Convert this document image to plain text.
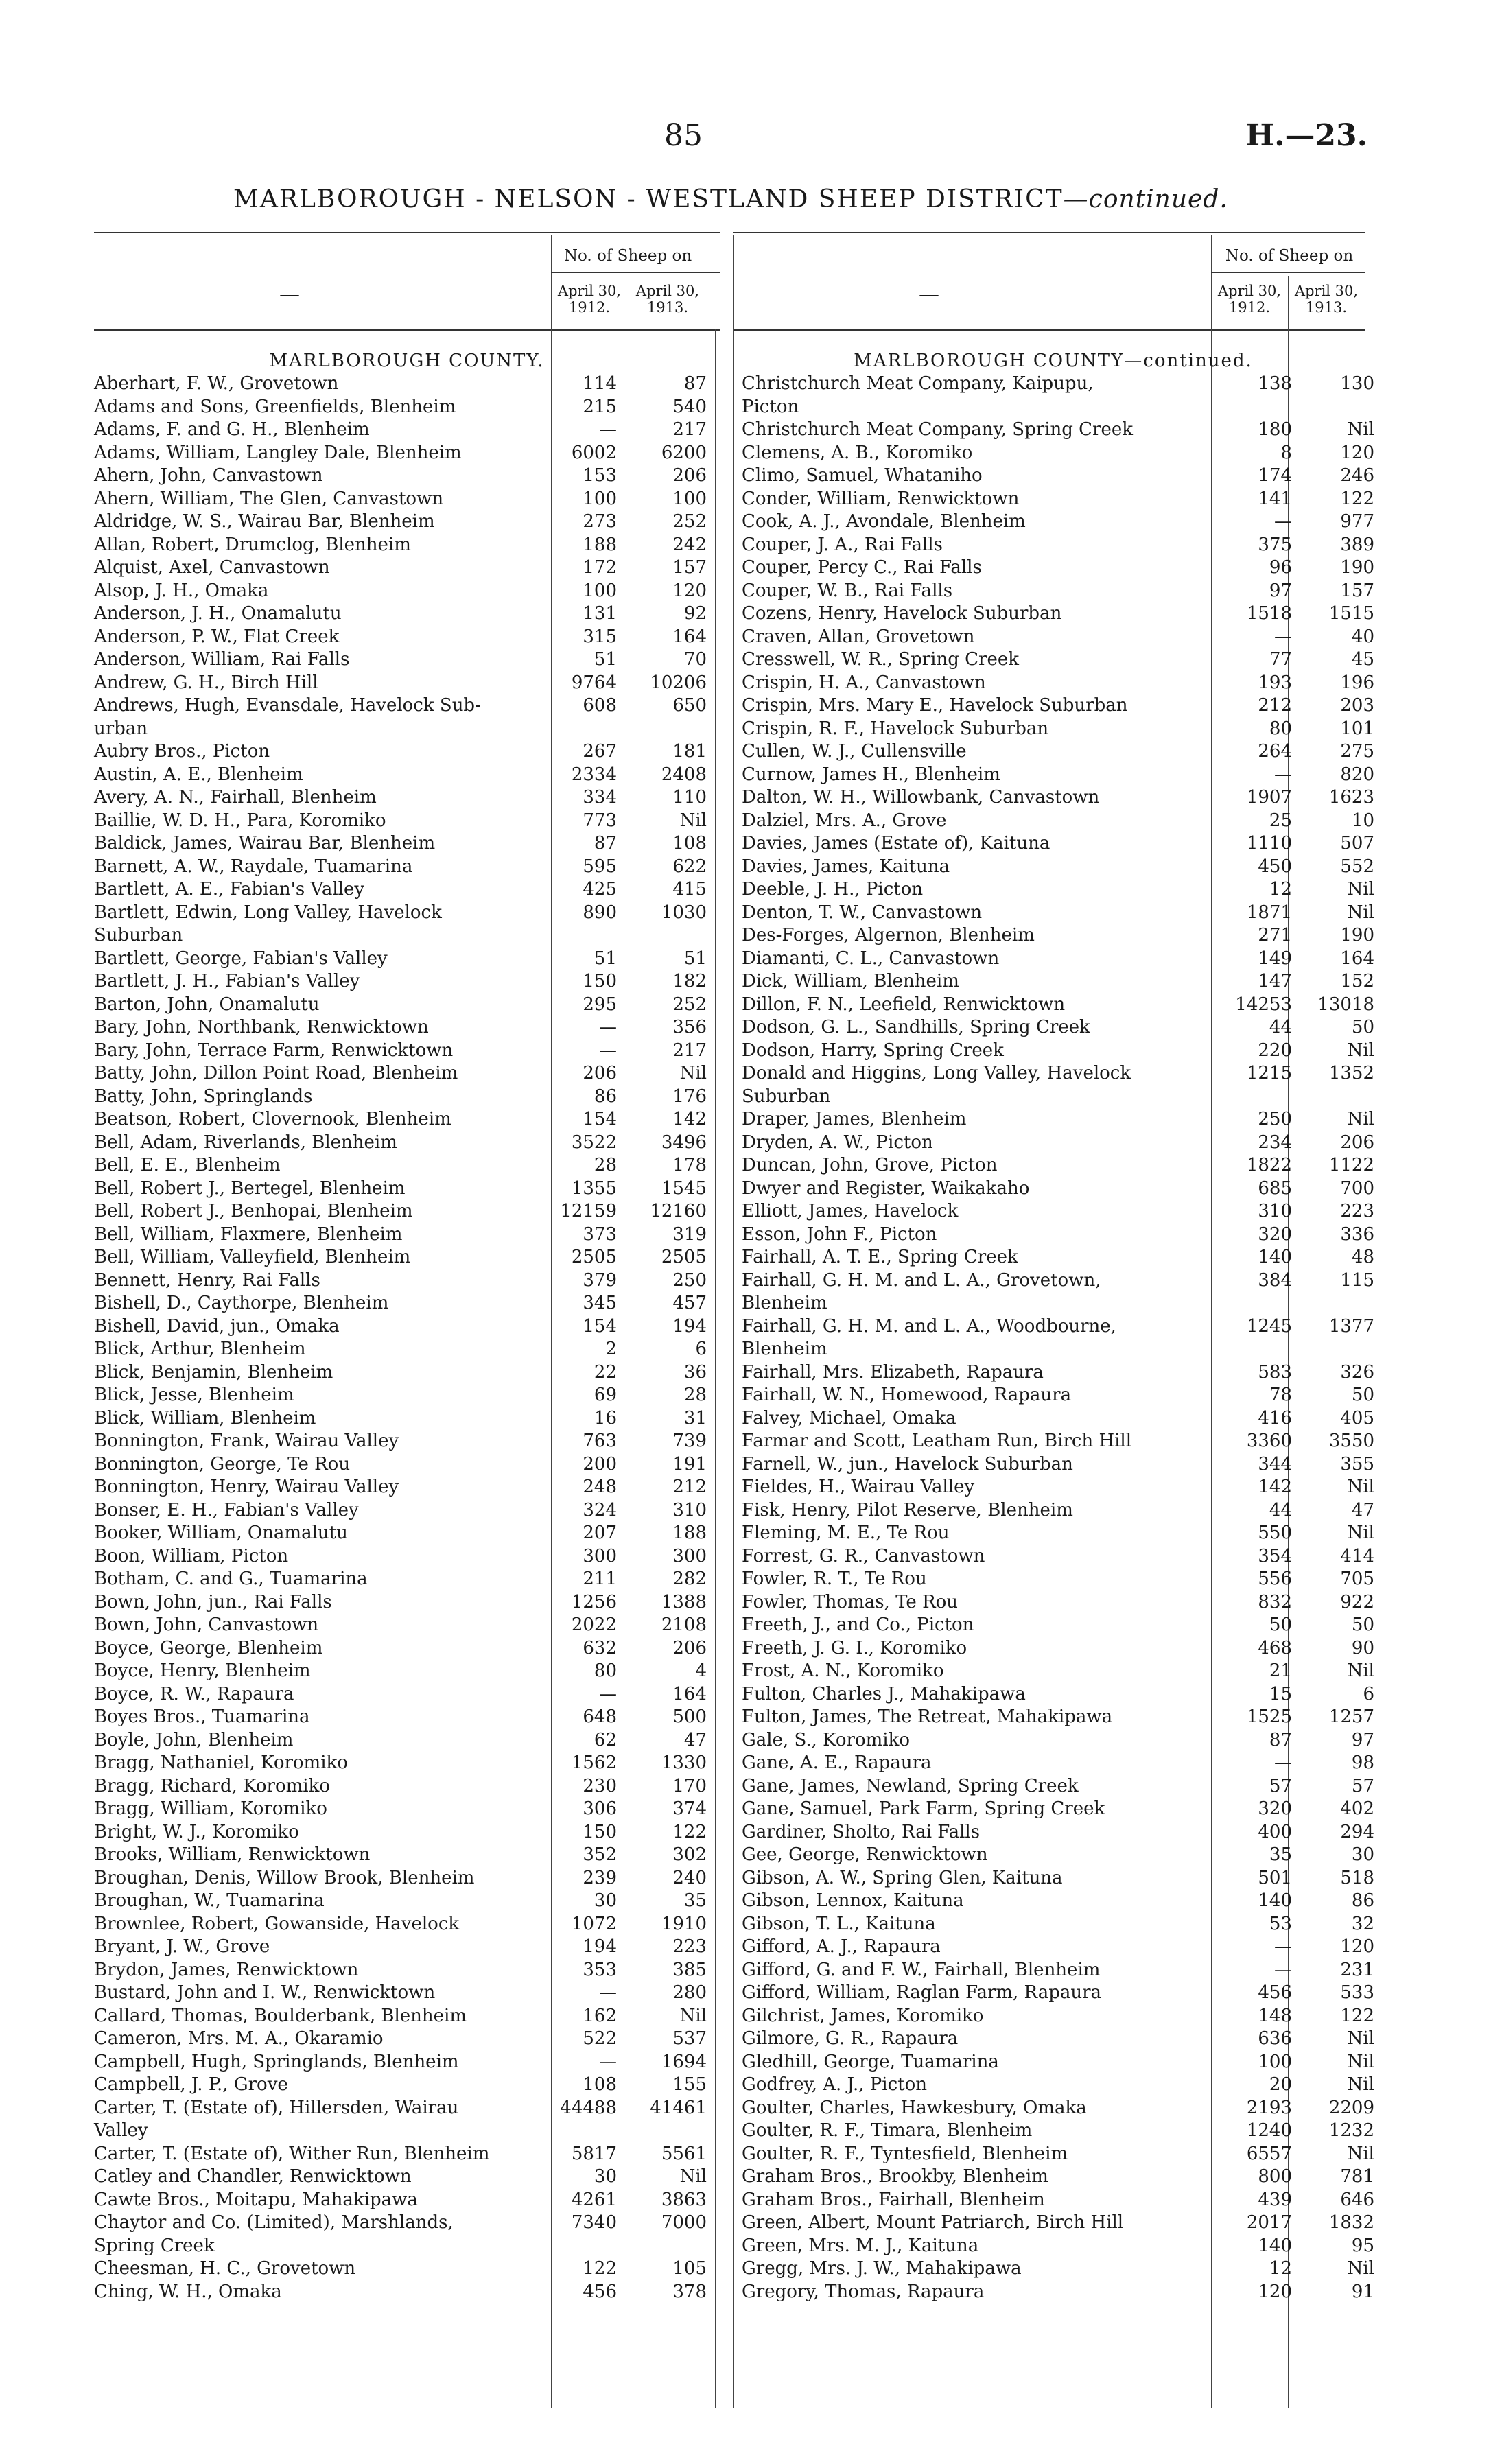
85	H.—23.
MARLBOROUGH - NELSON - WESTLAND SHEEP DISTRICT—continued.
—
No. of Sheep on
April 30, 1912.
April 30, 1913.
MARLBOROUGH COUNTY.
Aberhart, F. W., Grovetown	114	87
Adams and Sons, Greenfields, Blenheim	215	540
Adams, F. and G. H., Blenheim	—	217
Adams, William, Langley Dale, Blenheim	6002	6200
Ahern, John, Canvastown	153	206
Ahern, William, The Glen, Canvastown	100	100
Aldridge, W. S., Wairau Bar, Blenheim	273	252
Allan, Robert, Drumclog, Blenheim	188	242
Alquist, Axel, Canvastown	172	157
Alsop, J. H., Omaka	100	120
Anderson, J. H., Onamalutu	131	92
Anderson, P. W., Flat Creek	315	164
Anderson, William, Rai Falls	51	70
Andrew, G. H., Birch Hill	9764	10206
Andrews, Hugh, Evansdale, Havelock Sub-	608	650
urban
Aubry Bros., Picton	267	181
Austin, A. E., Blenheim	2334	2408
Avery, A. N., Fairhall, Blenheim	334	110
Baillie, W. D. H., Para, Koromiko	773	Nil
Baldick, James, Wairau Bar, Blenheim	87	108
Barnett, A. W., Raydale, Tuamarina	595	622
Bartlett, A. E., Fabian's Valley	425	415
Bartlett, Edwin, Long Valley, Havelock	890	1030
Suburban
Bartlett, George, Fabian's Valley	51	51
Bartlett, J. H., Fabian's Valley	150	182
Barton, John, Onamalutu	295	252
Bary, John, Northbank, Renwicktown	—	356
Bary, John, Terrace Farm, Renwicktown	—	217
Batty, John, Dillon Point Road, Blenheim	206	Nil
Batty, John, Springlands	86	176
Beatson, Robert, Clovernook, Blenheim	154	142
Bell, Adam, Riverlands, Blenheim	3522	3496
Bell, E. E., Blenheim	28	178
Bell, Robert J., Bertegel, Blenheim	1355	1545
Bell, Robert J., Benhopai, Blenheim	12159	12160
Bell, William, Flaxmere, Blenheim	373	319
Bell, William, Valleyfield, Blenheim	2505	2505
Bennett, Henry, Rai Falls	379	250
Bishell, D., Caythorpe, Blenheim	345	457
Bishell, David, jun., Omaka	154	194
Blick, Arthur, Blenheim	2	6
Blick, Benjamin, Blenheim	22	36
Blick, Jesse, Blenheim	69	28
Blick, William, Blenheim	16	31
Bonnington, Frank, Wairau Valley	763	739
Bonnington, George, Te Rou	200	191
Bonnington, Henry, Wairau Valley	248	212
Bonser, E. H., Fabian's Valley	324	310
Booker, William, Onamalutu	207	188
Boon, William, Picton	300	300
Botham, C. and G., Tuamarina	211	282
Bown, John, jun., Rai Falls	1256	1388
Bown, John, Canvastown	2022	2108
Boyce, George, Blenheim	632	206
Boyce, Henry, Blenheim	80	4
Boyce, R. W., Rapaura	—	164
Boyes Bros., Tuamarina	648	500
Boyle, John, Blenheim	62	47
Bragg, Nathaniel, Koromiko	1562	1330
Bragg, Richard, Koromiko	230	170
Bragg, William, Koromiko	306	374
Bright, W. J., Koromiko	150	122
Brooks, William, Renwicktown	352	302
Broughan, Denis, Willow Brook, Blenheim	239	240
Broughan, W., Tuamarina	30	35
Brownlee, Robert, Gowanside, Havelock	1072	1910
Bryant, J. W., Grove	194	223
Brydon, James, Renwicktown	353	385
Bustard, John and I. W., Renwicktown	—	280
Callard, Thomas, Boulderbank, Blenheim	162	Nil
Cameron, Mrs. M. A., Okaramio	522	537
Campbell, Hugh, Springlands, Blenheim	—	1694
Campbell, J. P., Grove	108	155
Carter, T. (Estate of), Hillersden, Wairau	44488	41461
Valley
Carter, T. (Estate of), Wither Run, Blenheim	5817	5561
Catley and Chandler, Renwicktown	30	Nil
Cawte Bros., Moitapu, Mahakipawa	4261	3863
Chaytor and Co. (Limited), Marshlands,	7340	7000
Spring Creek
Cheesman, H. C., Grovetown	122	105
Ching, W. H., Omaka	456	378
—
No. of Sheep on
April 30, 1912.
April 30, 1913.
MARLBOROUGH COUNTY—continued.
Christchurch Meat Company, Kaipupu,	138	130
Picton
Christchurch Meat Company, Spring Creek	180	Nil
Clemens, A. B., Koromiko	8	120
Climo, Samuel, Whataniho	174	246
Conder, William, Renwicktown	141	122
Cook, A. J., Avondale, Blenheim	—	977
Couper, J. A., Rai Falls	375	389
Couper, Percy C., Rai Falls	96	190
Couper, W. B., Rai Falls	97	157
Cozens, Henry, Havelock Suburban	1518	1515
Craven, Allan, Grovetown	—	40
Cresswell, W. R., Spring Creek	77	45
Crispin, H. A., Canvastown	193	196
Crispin, Mrs. Mary E., Havelock Suburban	212	203
Crispin, R. F., Havelock Suburban	80	101
Cullen, W. J., Cullensville	264	275
Curnow, James H., Blenheim	—	820
Dalton, W. H., Willowbank, Canvastown	1907	1623
Dalziel, Mrs. A., Grove	25	10
Davies, James (Estate of), Kaituna	1110	507
Davies, James, Kaituna	450	552
Deeble, J. H., Picton	12	Nil
Denton, T. W., Canvastown	1871	Nil
Des-Forges, Algernon, Blenheim	271	190
Diamanti, C. L., Canvastown	149	164
Dick, William, Blenheim	147	152
Dillon, F. N., Leefield, Renwicktown	14253	13018
Dodson, G. L., Sandhills, Spring Creek	44	50
Dodson, Harry, Spring Creek	220	Nil
Donald and Higgins, Long Valley, Havelock	1215	1352
Suburban
Draper, James, Blenheim	250	Nil
Dryden, A. W., Picton	234	206
Duncan, John, Grove, Picton	1822	1122
Dwyer and Register, Waikakaho	685	700
Elliott, James, Havelock	310	223
Esson, John F., Picton	320	336
Fairhall, A. T. E., Spring Creek	140	48
Fairhall, G. H. M. and L. A., Grovetown,	384	115
Blenheim
Fairhall, G. H. M. and L. A., Woodbourne,	1245	1377
Blenheim
Fairhall, Mrs. Elizabeth, Rapaura	583	326
Fairhall, W. N., Homewood, Rapaura	78	50
Falvey, Michael, Omaka	416	405
Farmar and Scott, Leatham Run, Birch Hill	3360	3550
Farnell, W., jun., Havelock Suburban	344	355
Fieldes, H., Wairau Valley	142	Nil
Fisk, Henry, Pilot Reserve, Blenheim	44	47
Fleming, M. E., Te Rou	550	Nil
Forrest, G. R., Canvastown	354	414
Fowler, R. T., Te Rou	556	705
Fowler, Thomas, Te Rou	832	922
Freeth, J., and Co., Picton	50	50
Freeth, J. G. I., Koromiko	468	90
Frost, A. N., Koromiko	21	Nil
Fulton, Charles J., Mahakipawa	15	6
Fulton, James, The Retreat, Mahakipawa	1525	1257
Gale, S., Koromiko	87	97
Gane, A. E., Rapaura	—	98
Gane, James, Newland, Spring Creek	57	57
Gane, Samuel, Park Farm, Spring Creek	320	402
Gardiner, Sholto, Rai Falls	400	294
Gee, George, Renwicktown	35	30
Gibson, A. W., Spring Glen, Kaituna	501	518
Gibson, Lennox, Kaituna	140	86
Gibson, T. L., Kaituna	53	32
Gifford, A. J., Rapaura	—	120
Gifford, G. and F. W., Fairhall, Blenheim	—	231
Gifford, William, Raglan Farm, Rapaura	456	533
Gilchrist, James, Koromiko	148	122
Gilmore, G. R., Rapaura	636	Nil
Gledhill, George, Tuamarina	100	Nil
Godfrey, A. J., Picton	20	Nil
Goulter, Charles, Hawkesbury, Omaka	2193	2209
Goulter, R. F., Timara, Blenheim	1240	1232
Goulter, R. F., Tyntesfield, Blenheim	6557	Nil
Graham Bros., Brookby, Blenheim	800	781
Graham Bros., Fairhall, Blenheim	439	646
Green, Albert, Mount Patriarch, Birch Hill	2017	1832
Green, Mrs. M. J., Kaituna	140	95
Gregg, Mrs. J. W., Mahakipawa	12	Nil
Gregory, Thomas, Rapaura	120	91
